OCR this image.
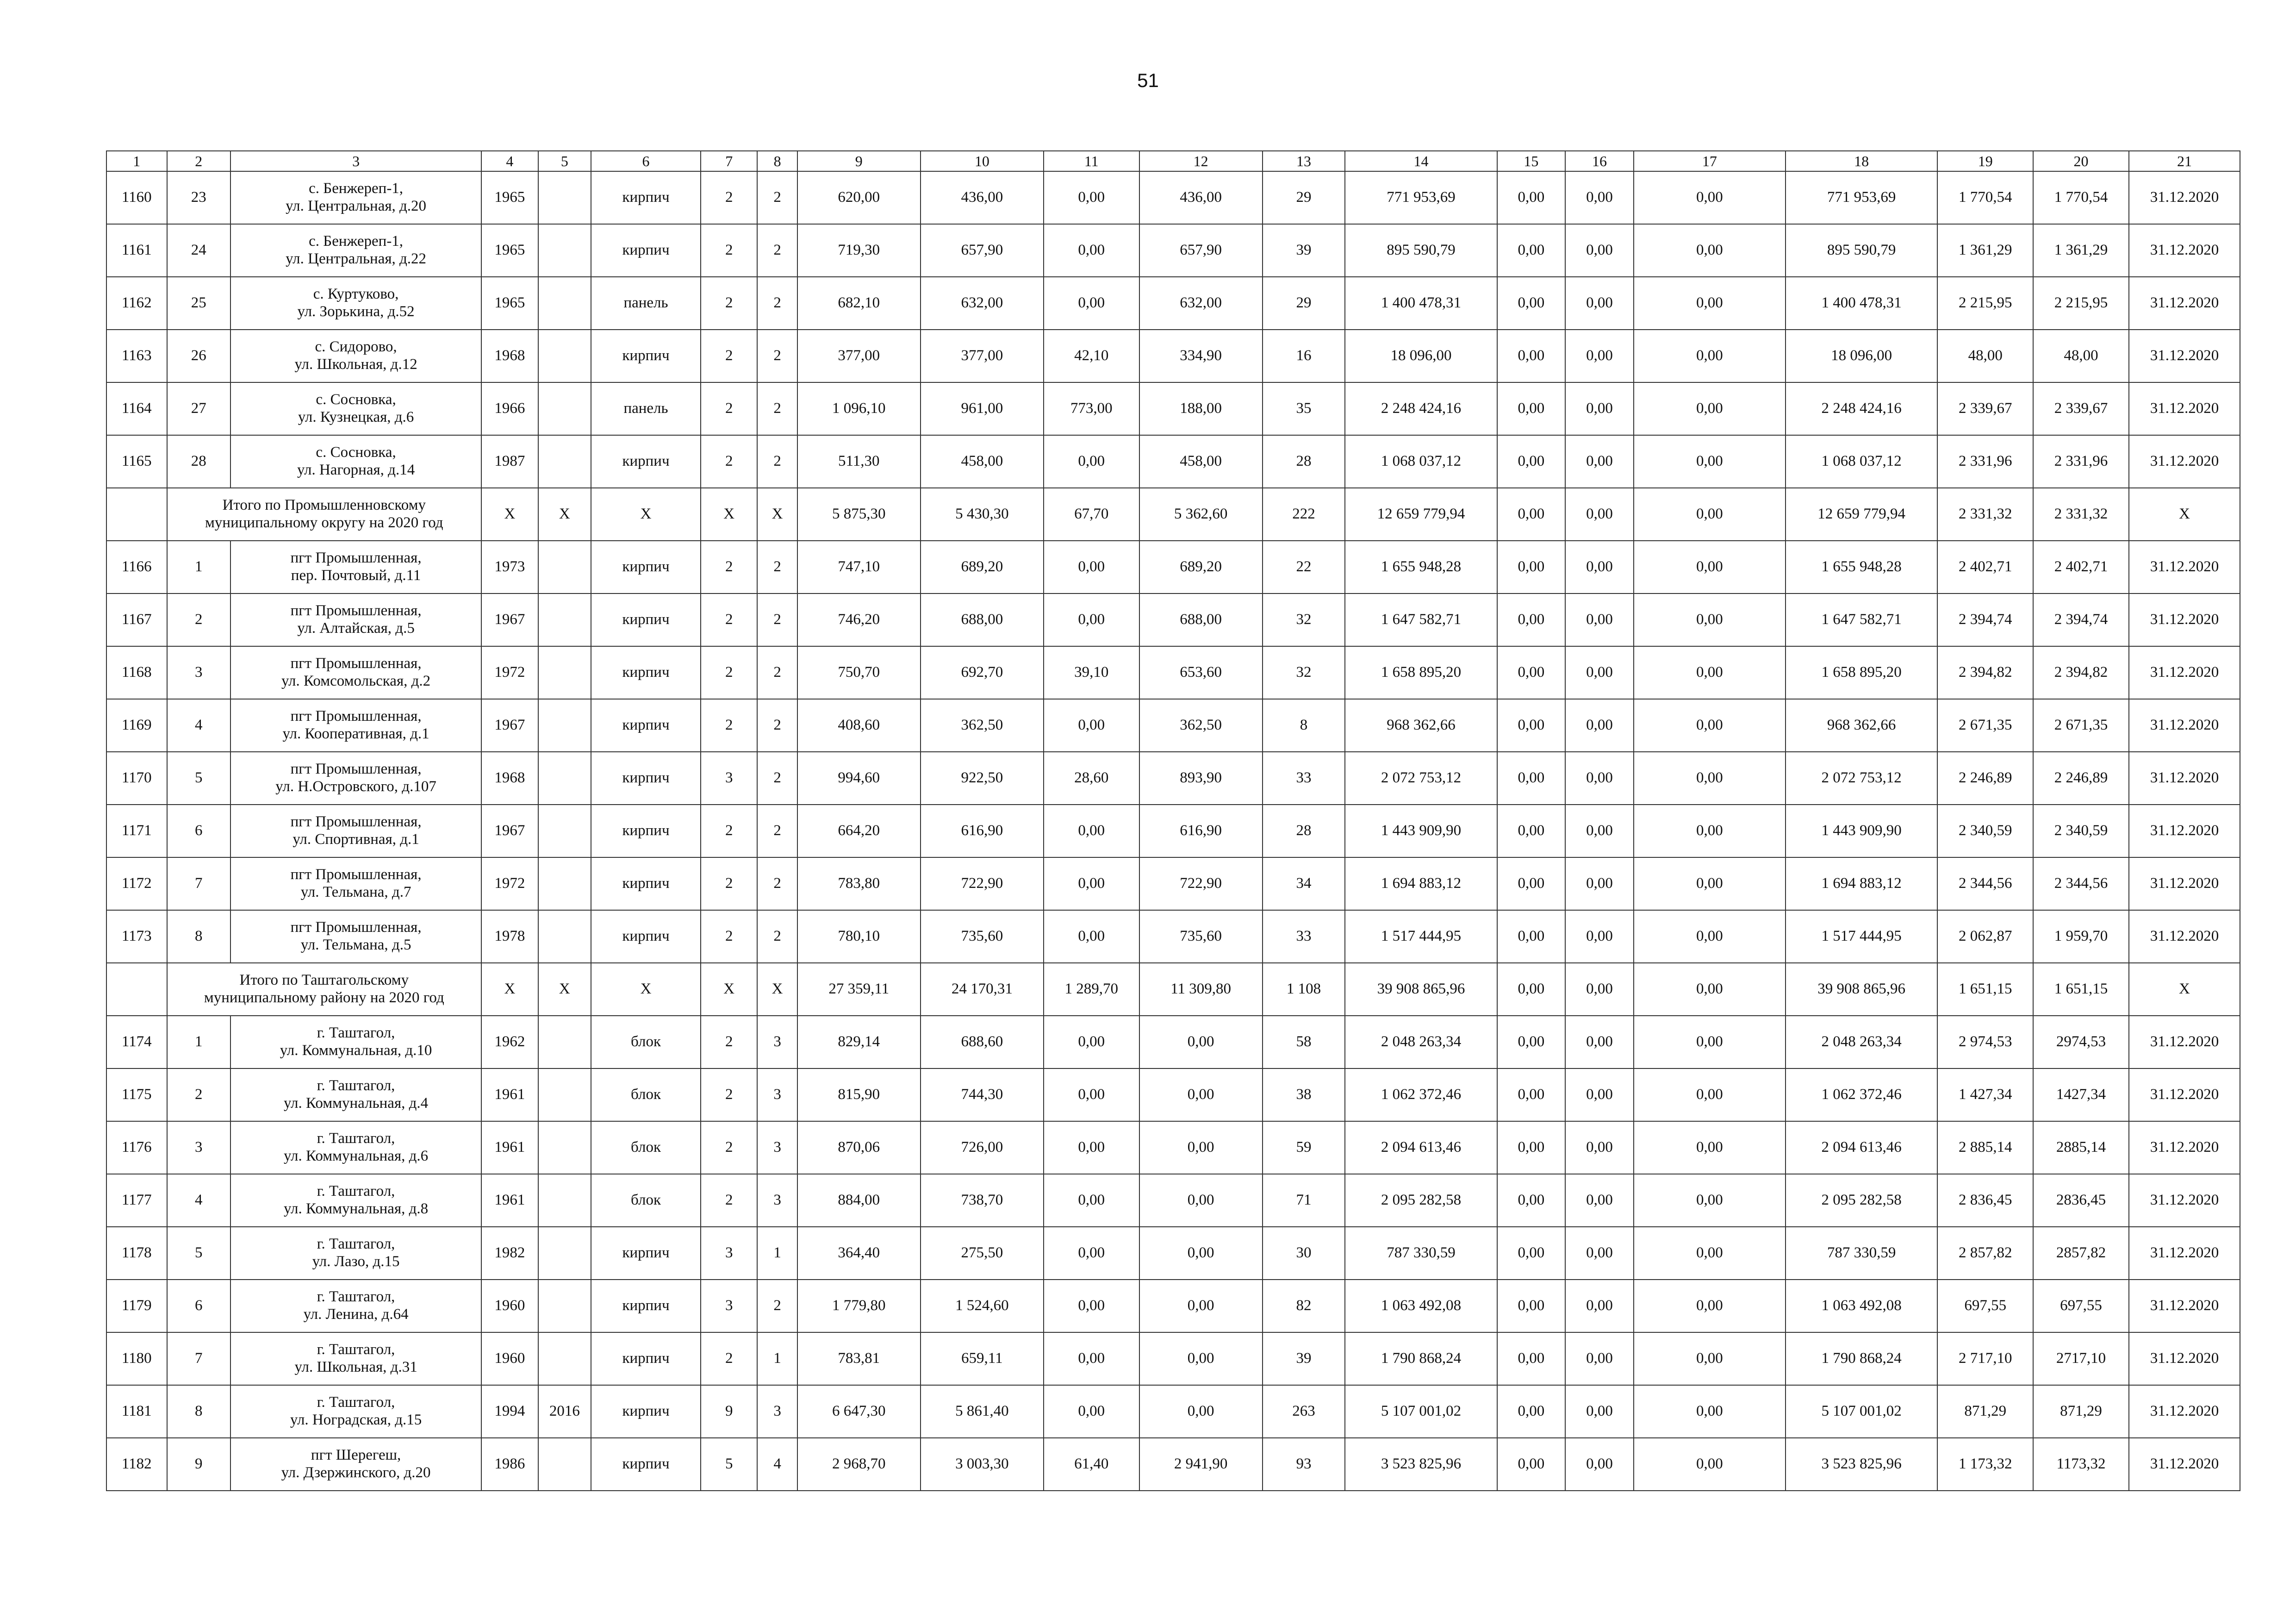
51
1	2	3	4	5	6	7	8	9	10	11	12	13	14	15	16	17	18	19	20	21
1160	23	с. Бенжереп-1,
ул. Центральная, д.20	1965		кирпич	2	2	620,00	436,00	0,00	436,00	29	771 953,69	0,00	0,00	0,00	771 953,69	1 770,54	1 770,54	31.12.2020
1161	24	с. Бенжереп-1,
ул. Центральная, д.22	1965		кирпич	2	2	719,30	657,90	0,00	657,90	39	895 590,79	0,00	0,00	0,00	895 590,79	1 361,29	1 361,29	31.12.2020
1162	25	с. Куртуково,
ул. Зорькина, д.52	1965		панель	2	2	682,10	632,00	0,00	632,00	29	1 400 478,31	0,00	0,00	0,00	1 400 478,31	2 215,95	2 215,95	31.12.2020
1163	26	с. Сидорово,
ул. Школьная, д.12	1968		кирпич	2	2	377,00	377,00	42,10	334,90	16	18 096,00	0,00	0,00	0,00	18 096,00	48,00	48,00	31.12.2020
1164	27	с. Сосновка,
ул. Кузнецкая, д.6	1966		панель	2	2	1 096,10	961,00	773,00	188,00	35	2 248 424,16	0,00	0,00	0,00	2 248 424,16	2 339,67	2 339,67	31.12.2020
1165	28	с. Сосновка,
ул. Нагорная, д.14	1987		кирпич	2	2	511,30	458,00	0,00	458,00	28	1 068 037,12	0,00	0,00	0,00	1 068 037,12	2 331,96	2 331,96	31.12.2020

	Итого по Промышленновскому
муниципальному округу на 2020 год		X	X	X	X	X	5 875,30	5 430,30	67,70	5 362,60	222	12 659 779,94	0,00	0,00	0,00	12 659 779,94	2 331,32	2 331,32	X
1166	1	пгт Промышленная,
пер. Почтовый, д.11	1973		кирпич	2	2	747,10	689,20	0,00	689,20	22	1 655 948,28	0,00	0,00	0,00	1 655 948,28	2 402,71	2 402,71	31.12.2020
1167	2	пгт Промышленная,
ул. Алтайская, д.5	1967		кирпич	2	2	746,20	688,00	0,00	688,00	32	1 647 582,71	0,00	0,00	0,00	1 647 582,71	2 394,74	2 394,74	31.12.2020
1168	3	пгт Промышленная,
ул. Комсомольская, д.2	1972		кирпич	2	2	750,70	692,70	39,10	653,60	32	1 658 895,20	0,00	0,00	0,00	1 658 895,20	2 394,82	2 394,82	31.12.2020
1169	4	пгт Промышленная,
ул. Кооперативная, д.1	1967		кирпич	2	2	408,60	362,50	0,00	362,50	8	968 362,66	0,00	0,00	0,00	968 362,66	2 671,35	2 671,35	31.12.2020
1170	5	пгт Промышленная,
ул. Н.Островского, д.107	1968		кирпич	3	2	994,60	922,50	28,60	893,90	33	2 072 753,12	0,00	0,00	0,00	2 072 753,12	2 246,89	2 246,89	31.12.2020
1171	6	пгт Промышленная,
ул. Спортивная, д.1	1967		кирпич	2	2	664,20	616,90	0,00	616,90	28	1 443 909,90	0,00	0,00	0,00	1 443 909,90	2 340,59	2 340,59	31.12.2020
1172	7	пгт Промышленная,
ул. Тельмана, д.7	1972		кирпич	2	2	783,80	722,90	0,00	722,90	34	1 694 883,12	0,00	0,00	0,00	1 694 883,12	2 344,56	2 344,56	31.12.2020
1173	8	пгт Промышленная,
ул. Тельмана, д.5	1978		кирпич	2	2	780,10	735,60	0,00	735,60	33	1 517 444,95	0,00	0,00	0,00	1 517 444,95	2 062,87	1 959,70	31.12.2020

	Итого по Таштагольскому
муниципальному району на 2020 год		X	X	X	X	X	27 359,11	24 170,31	1 289,70	11 309,80	1 108	39 908 865,96	0,00	0,00	0,00	39 908 865,96	1 651,15	1 651,15	X
1174	1	г. Таштагол,
ул. Коммунальная, д.10	1962		блок	2	3	829,14	688,60	0,00	0,00	58	2 048 263,34	0,00	0,00	0,00	2 048 263,34	2 974,53	2974,53	31.12.2020
1175	2	г. Таштагол,
ул. Коммунальная, д.4	1961		блок	2	3	815,90	744,30	0,00	0,00	38	1 062 372,46	0,00	0,00	0,00	1 062 372,46	1 427,34	1427,34	31.12.2020
1176	3	г. Таштагол,
ул. Коммунальная, д.6	1961		блок	2	3	870,06	726,00	0,00	0,00	59	2 094 613,46	0,00	0,00	0,00	2 094 613,46	2 885,14	2885,14	31.12.2020
1177	4	г. Таштагол,
ул. Коммунальная, д.8	1961		блок	2	3	884,00	738,70	0,00	0,00	71	2 095 282,58	0,00	0,00	0,00	2 095 282,58	2 836,45	2836,45	31.12.2020
1178	5	г. Таштагол,
ул. Лазо, д.15	1982		кирпич	3	1	364,40	275,50	0,00	0,00	30	787 330,59	0,00	0,00	0,00	787 330,59	2 857,82	2857,82	31.12.2020
1179	6	г. Таштагол,
ул. Ленина, д.64	1960		кирпич	3	2	1 779,80	1 524,60	0,00	0,00	82	1 063 492,08	0,00	0,00	0,00	1 063 492,08	697,55	697,55	31.12.2020
1180	7	г. Таштагол,
ул. Школьная, д.31	1960		кирпич	2	1	783,81	659,11	0,00	0,00	39	1 790 868,24	0,00	0,00	0,00	1 790 868,24	2 717,10	2717,10	31.12.2020
1181	8	г. Таштагол,
ул. Ноградская, д.15	1994	2016	кирпич	9	3	6 647,30	5 861,40	0,00	0,00	263	5 107 001,02	0,00	0,00	0,00	5 107 001,02	871,29	871,29	31.12.2020
1182	9	пгт Шерегеш,
ул. Дзержинского, д.20	1986		кирпич	5	4	2 968,70	3 003,30	61,40	2 941,90	93	3 523 825,96	0,00	0,00	0,00	3 523 825,96	1 173,32	1173,32	31.12.2020
